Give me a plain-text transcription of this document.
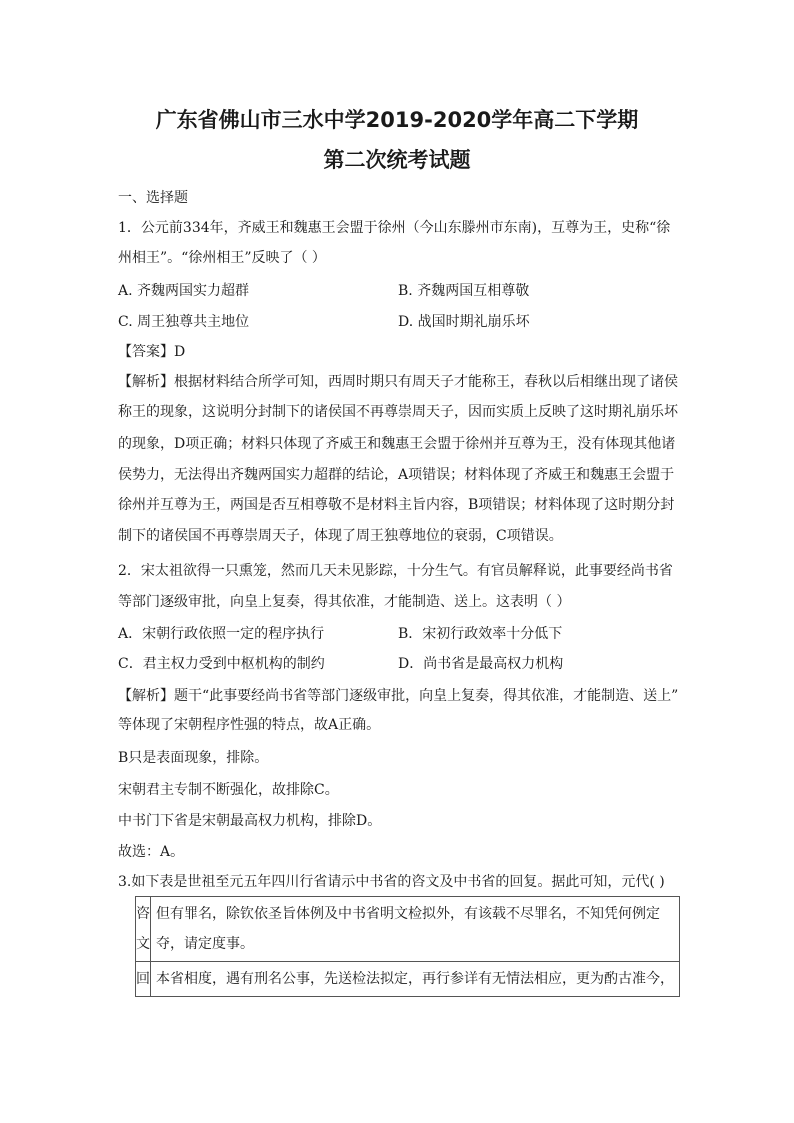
广东省佛山市三水中学2019-2020学年高二下学期
第二次统考试题
一、选择题
1．公元前334年，齐威王和魏惠王会盟于徐州（今山东滕州市东南)，互尊为王，史称“徐
州相王”。“徐州相王”反映了（ ）
A. 齐魏两国实力超群	B. 齐魏两国互相尊敬
C. 周王独尊共主地位	D. 战国时期礼崩乐坏
【答案】D
【解析】根据材料结合所学可知，西周时期只有周天子才能称王，春秋以后相继出现了诸侯
称王的现象，这说明分封制下的诸侯国不再尊崇周天子，因而实质上反映了这时期礼崩乐坏
的现象，D项正确；材料只体现了齐威王和魏惠王会盟于徐州并互尊为王，没有体现其他诸
侯势力，无法得出齐魏两国实力超群的结论，A项错误；材料体现了齐威王和魏惠王会盟于
徐州并互尊为王，两国是否互相尊敬不是材料主旨内容，B项错误；材料体现了这时期分封
制下的诸侯国不再尊崇周天子，体现了周王独尊地位的衰弱，C项错误。
2．宋太祖欲得一只熏笼，然而几天未见影踪，十分生气。有官员解释说，此事要经尚书省
等部门逐级审批，向皇上复奏，得其依准，才能制造、送上。这表明（ ）
A．宋朝行政依照一定的程序执行	B．宋初行政效率十分低下
C．君主权力受到中枢机构的制约	D．尚书省是最高权力机构
【解析】题干“此事要经尚书省等部门逐级审批，向皇上复奏，得其依准，才能制造、送上”
等体现了宋朝程序性强的特点，故A正确。
B只是表面现象，排除。
宋朝君主专制不断强化，故排除C。
中书门下省是宋朝最高权力机构，排除D。
故选：A。
3.如下表是世祖至元五年四川行省请示中书省的咨文及中书省的回复。据此可知，元代( )
咨
文	但有罪名，除钦依圣旨体例及中书省明文检拟外，有该载不尽罪名，不知凭何例定夺，请定度事。

回	本省相度，遇有刑名公事，先送检法拟定，再行参详有无情法相应，更为酌古准今，
